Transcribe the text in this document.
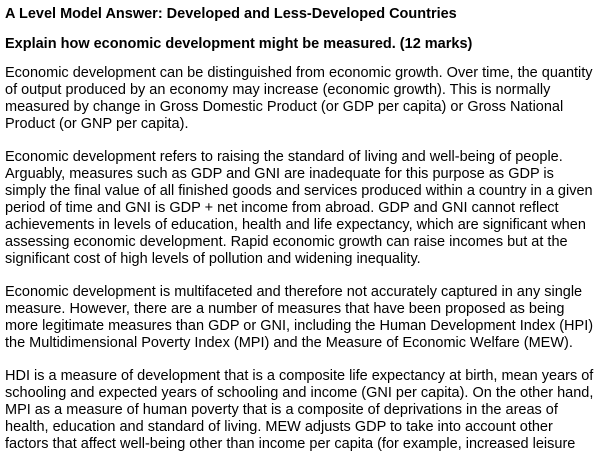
A Level Model Answer: Developed and Less-Developed Countries
Explain how economic development might be measured. (12 marks)
Economic development can be distinguished from economic growth. Over time, the quantity
of output produced by an economy may increase (economic growth). This is normally
measured by change in Gross Domestic Product (or GDP per capita) or Gross National
Product (or GNP per capita).
Economic development refers to raising the standard of living and well-being of people.
Arguably, measures such as GDP and GNI are inadequate for this purpose as GDP is
simply the final value of all finished goods and services produced within a country in a given
period of time and GNI is GDP + net income from abroad. GDP and GNI cannot reflect
achievements in levels of education, health and life expectancy, which are significant when
assessing economic development. Rapid economic growth can raise incomes but at the
significant cost of high levels of pollution and widening inequality.
Economic development is multifaceted and therefore not accurately captured in any single
measure. However, there are a number of measures that have been proposed as being
more legitimate measures than GDP or GNI, including the Human Development Index (HPI)
the Multidimensional Poverty Index (MPI) and the Measure of Economic Welfare (MEW).
HDI is a measure of development that is a composite life expectancy at birth, mean years of
schooling and expected years of schooling and income (GNI per capita). On the other hand,
MPI as a measure of human poverty that is a composite of deprivations in the areas of
health, education and standard of living. MEW adjusts GDP to take into account other
factors that affect well-being other than income per capita (for example, increased leisure
